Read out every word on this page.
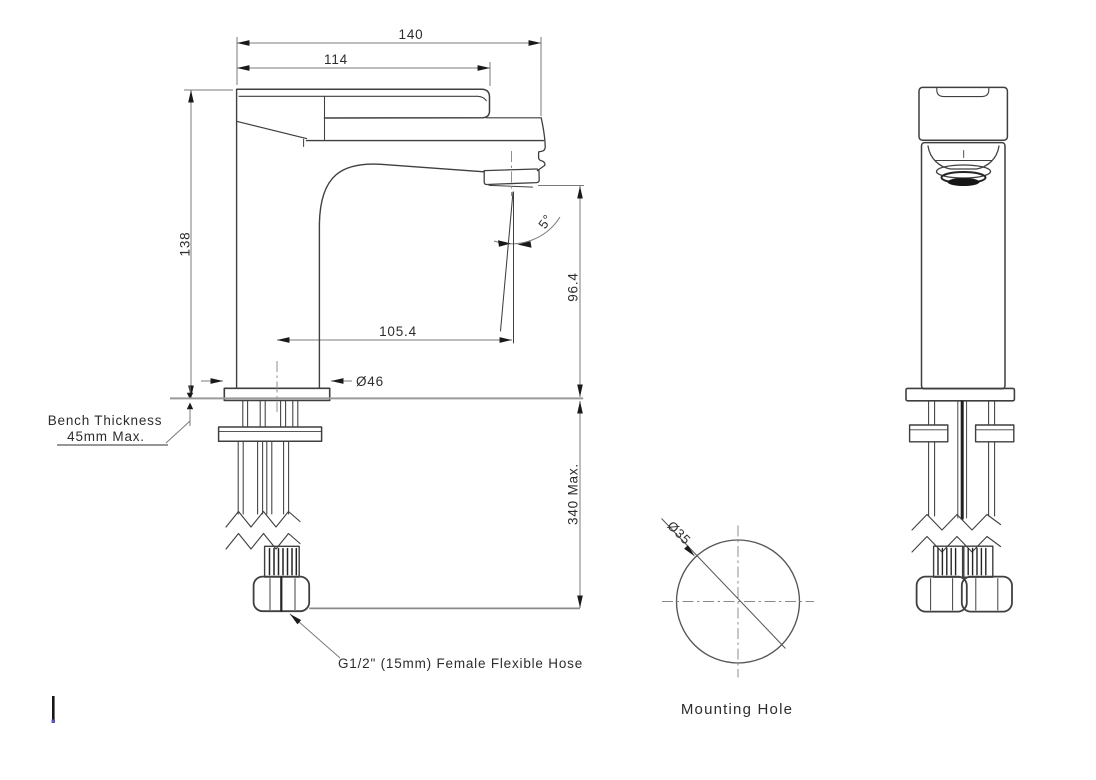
140
114
138
105.4
96.4
5°
Ø46
340 Max.
Bench Thickness
45mm Max.
G1/2" (15mm) Female Flexible Hose
Ø35
Mounting Hole
